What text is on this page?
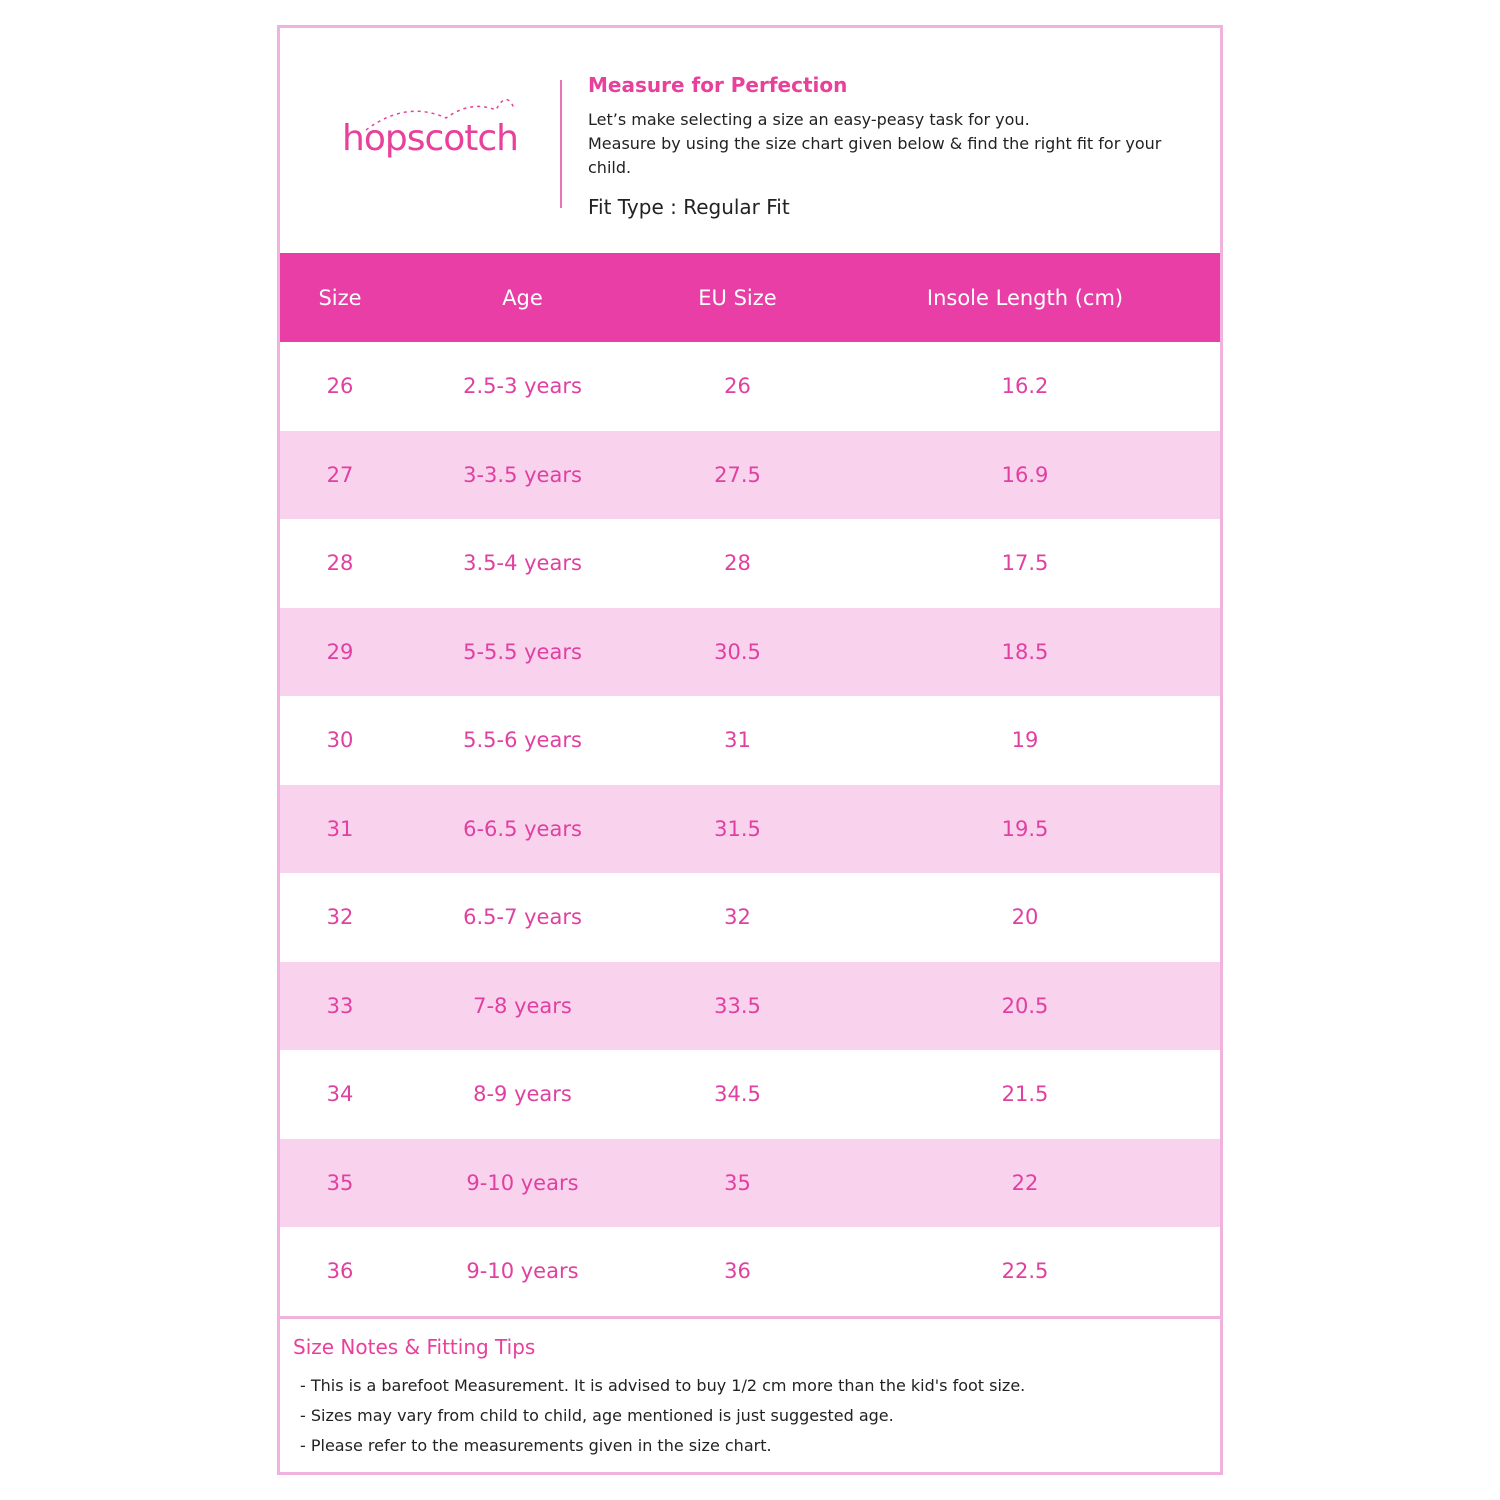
hopscotch

Measure for Perfection

Let’s make selecting a size an easy-peasy task for you.

Measure by using the size chart given below & find the right fit for your child.

Fit Type : Regular Fit
Size	Age	EU Size	Insole Length (cm)
26	2.5-3 years	26	16.2
27	3-3.5 years	27.5	16.9
28	3.5-4 years	28	17.5
29	5-5.5 years	30.5	18.5
30	5.5-6 years	31	19
31	6-6.5 years	31.5	19.5
32	6.5-7 years	32	20
33	7-8 years	33.5	20.5
34	8-9 years	34.5	21.5
35	9-10 years	35	22
36	9-10 years	36	22.5

Size Notes & Fitting Tips

- This is a barefoot Measurement. It is advised to buy 1/2 cm more than the kid's foot size.
- Sizes may vary from child to child, age mentioned is just suggested age.
- Please refer to the measurements given in the size chart.
